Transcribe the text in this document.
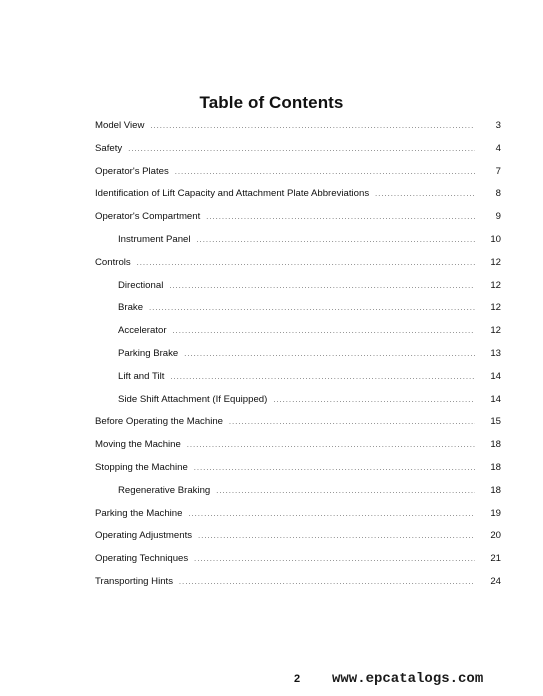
Table of Contents
Model View .....	3
Safety .....	4
Operator's Plates .....	7
Identification of Lift Capacity and Attachment Plate Abbreviations .....	8
Operator's Compartment .....	9
Instrument Panel .....	10
Controls .....	12
Directional .....	12
Brake .....	12
Accelerator .....	12
Parking Brake .....	13
Lift and Tilt .....	14
Side Shift Attachment (If Equipped) .....	14
Before Operating the Machine .....	15
Moving the Machine .....	18
Stopping the Machine .....	18
Regenerative Braking .....	18
Parking the Machine .....	19
Operating Adjustments .....	20
Operating Techniques .....	21
Transporting Hints .....	24
2 www.epcatalogs.com
